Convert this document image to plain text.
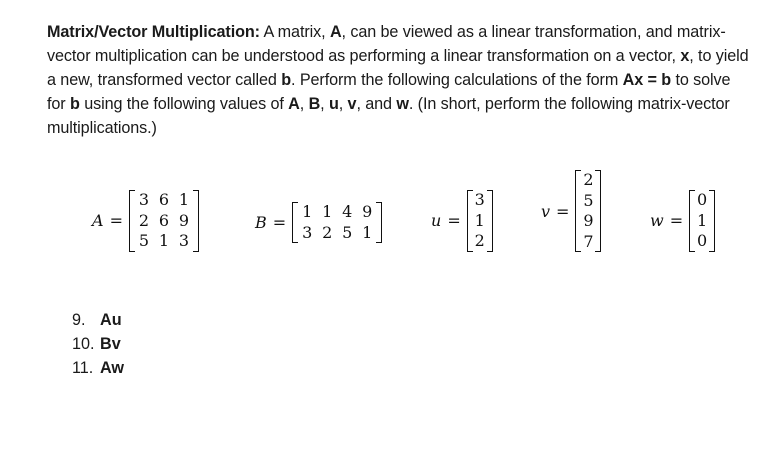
Matrix/Vector Multiplication: A matrix, A, can be viewed as a linear transformation, and matrix-vector multiplication can be understood as performing a linear transformation on a vector, x, to yield a new, transformed vector called b. Perform the following calculations of the form Ax = b to solve for b using the following values of A, B, u, v, and w. (In short, perform the following matrix-vector multiplications.)
A =
3 6 1
2 6 9
5 1 3
B =
1 1 4 9
3 2 5 1
u =
3
1
2
v =
2
5
9
7
w =
0
1
0
9. Au
10. Bv
11. Aw
